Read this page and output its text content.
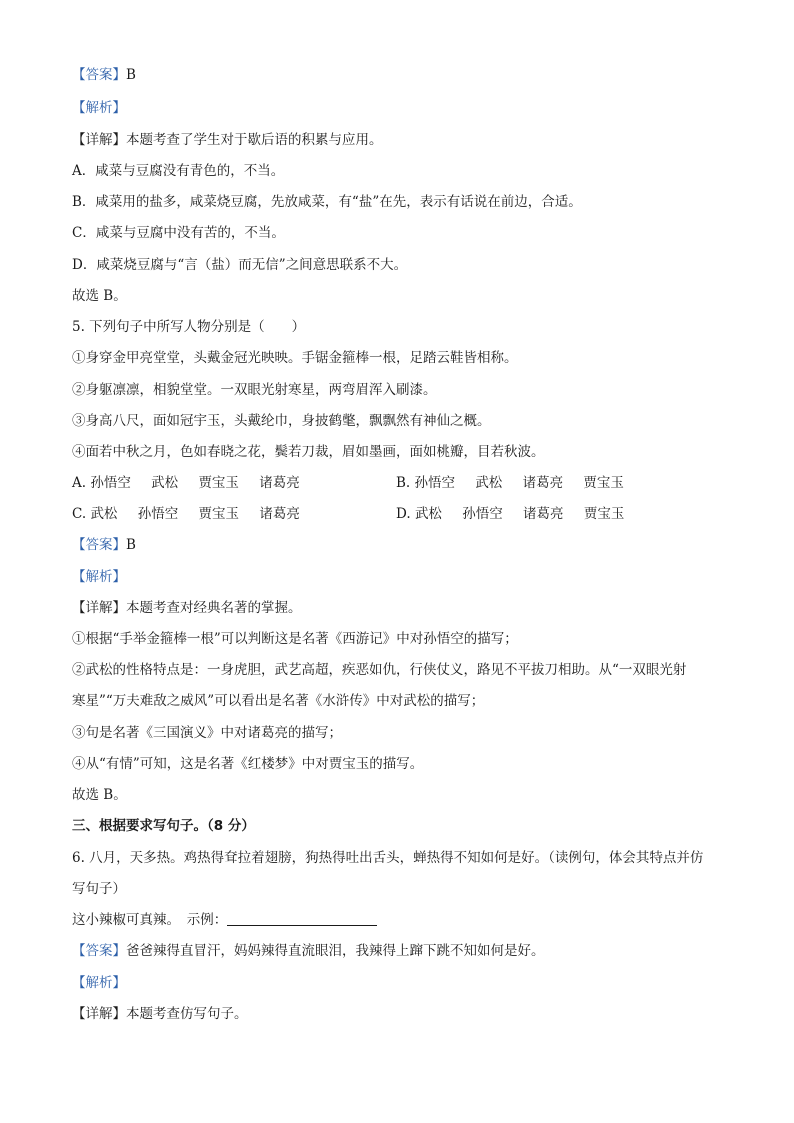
【答案】B
【解析】
【详解】本题考查了学生对于歇后语的积累与应用。
A．咸菜与豆腐没有青色的，不当。
B．咸菜用的盐多，咸菜烧豆腐，先放咸菜，有“盐”在先，表示有话说在前边，合适。
C．咸菜与豆腐中没有苦的，不当。
D．咸菜烧豆腐与“言（盐）而无信”之间意思联系不大。
故选 B。
5. 下列句子中所写人物分别是（　　）
①身穿金甲亮堂堂，头戴金冠光映映。手锯金箍棒一根，足踏云鞋皆相称。
②身躯凛凛，相貌堂堂。一双眼光射寒星，两弯眉浑入刷漆。
③身高八尺，面如冠宇玉，头戴纶巾，身披鹤氅，飘飘然有神仙之概。
④面若中秋之月，色如春晓之花，鬓若刀裁，眉如墨画，面如桃瓣，目若秋波。
A. 孙悟空 武松 贾宝玉 诸葛亮	B. 孙悟空 武松 诸葛亮 贾宝玉
C. 武松 孙悟空 贾宝玉 诸葛亮	D. 武松 孙悟空 诸葛亮 贾宝玉
【答案】B
【解析】
【详解】本题考查对经典名著的掌握。
①根据“手举金箍棒一根”可以判断这是名著《西游记》中对孙悟空的描写；
②武松的性格特点是：一身虎胆，武艺高超，疾恶如仇，行侠仗义，路见不平拔刀相助。从“一双眼光射
寒星”“万夫难敌之威风”可以看出是名著《水浒传》中对武松的描写；
③句是名著《三国演义》中对诸葛亮的描写；
④从“有情”可知，这是名著《红楼梦》中对贾宝玉的描写。
故选 B。
三、根据要求写句子。（8 分）
6. 八月，天多热。鸡热得耷拉着翅膀，狗热得吐出舌头，蝉热得不知如何是好。（读例句，体会其特点并仿
写句子）
这小辣椒可真辣。　示例：
【答案】爸爸辣得直冒汗，妈妈辣得直流眼泪，我辣得上蹿下跳不知如何是好。
【解析】
【详解】本题考查仿写句子。
